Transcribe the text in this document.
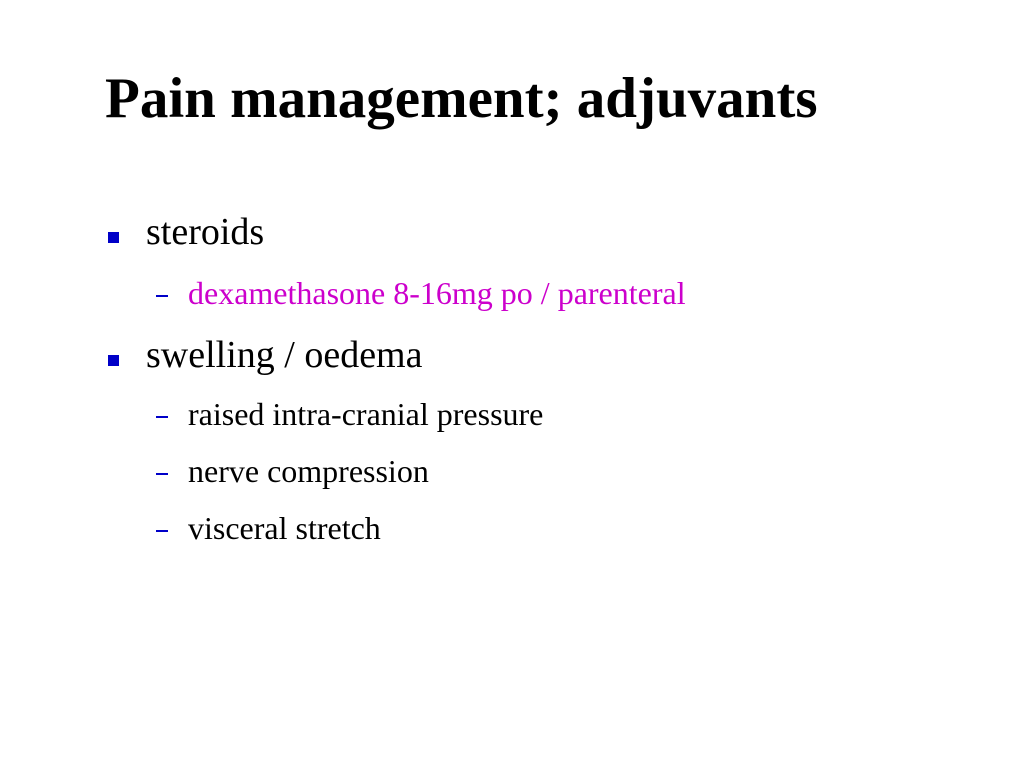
Pain management; adjuvants
steroids
dexamethasone 8-16mg po / parenteral
swelling / oedema
raised intra-cranial pressure
nerve compression
visceral stretch
